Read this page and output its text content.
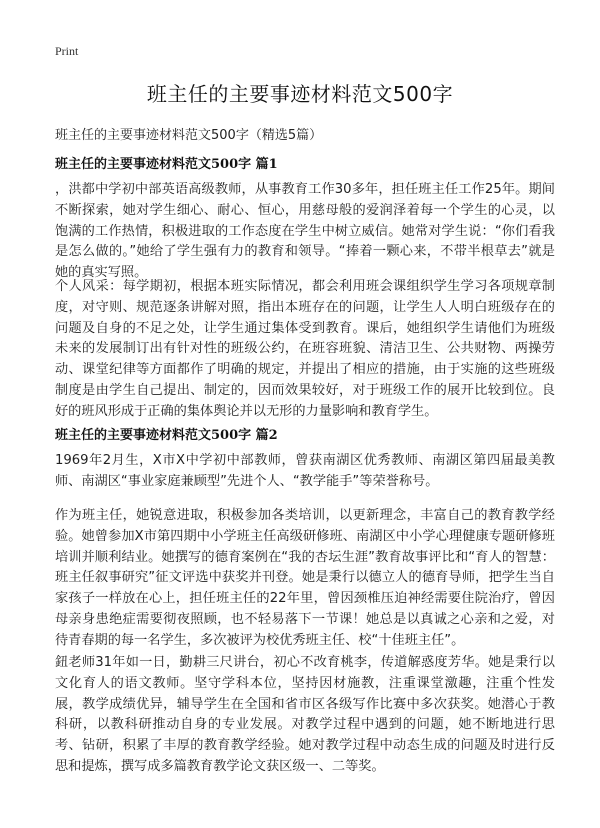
Print
班主任的主要事迹材料范文500字
班主任的主要事迹材料范文500字（精选5篇）
班主任的主要事迹材料范文500字 篇1

，洪都中学初中部英语高级教师，从事教育工作30多年，担任班主任工作25年。期间不断探索，她对学生细心、耐心、恒心，用慈母般的爱润泽着每一个学生的心灵，以饱满的工作热情，积极进取的工作态度在学生中树立威信。她常对学生说：“你们看我是怎么做的。”她给了学生强有力的教育和领导。“捧着一颗心来，不带半根草去”就是她的真实写照。

个人风采：每学期初，根据本班实际情况，都会利用班会课组织学生学习各项规章制度，对守则、规范逐条讲解对照，指出本班存在的问题，让学生人人明白班级存在的问题及自身的不足之处，让学生通过集体受到教育。课后，她组织学生请他们为班级未来的发展制订出有针对性的班级公约，在班容班貌、清洁卫生、公共财物、两操劳动、课堂纪律等方面都作了明确的规定，并提出了相应的措施，由于实施的这些班级制度是由学生自己提出、制定的，因而效果较好，对于班级工作的展开比较到位。良好的班风形成于正确的集体舆论并以无形的力量影响和教育学生。

班主任的主要事迹材料范文500字 篇2

1969年2月生，X市X中学初中部教师，曾获南湖区优秀教师、南湖区第四届最美教师、南湖区“事业家庭兼顾型”先进个人、“教学能手”等荣誉称号。

作为班主任，她锐意进取，积极参加各类培训，以更新理念，丰富自己的教育教学经验。她曾参加X市第四期中小学班主任高级研修班、南湖区中小学心理健康专题研修班培训并顺利结业。她撰写的德育案例在“我的杏坛生涯”教育故事评比和“育人的智慧：班主任叙事研究”征文评选中获奖并刊登。她是秉行以德立人的德育导师，把学生当自家孩子一样放在心上，担任班主任的22年里，曾因颈椎压迫神经需要住院治疗，曾因母亲身患绝症需要彻夜照顾，也不轻易落下一节课！她总是以真诚之心亲和之爱，对待青春期的每一名学生，多次被评为校优秀班主任、校“十佳班主任”。

鈕老师31年如一日，勤耕三尺讲台，初心不改育桃李，传道解惑度芳华。她是秉行以文化育人的语文教师。坚守学科本位，坚持因材施教，注重课堂激趣，注重个性发展，教学成绩优异，辅导学生在全国和省市区各级写作比赛中多次获奖。她潜心于教科研，以教科研推动自身的专业发展。对教学过程中遇到的问题，她不断地进行思考、钻研，积累了丰厚的教育教学经验。她对教学过程中动态生成的问题及时进行反思和提炼，撰写成多篇教育教学论文获区级一、二等奖。
